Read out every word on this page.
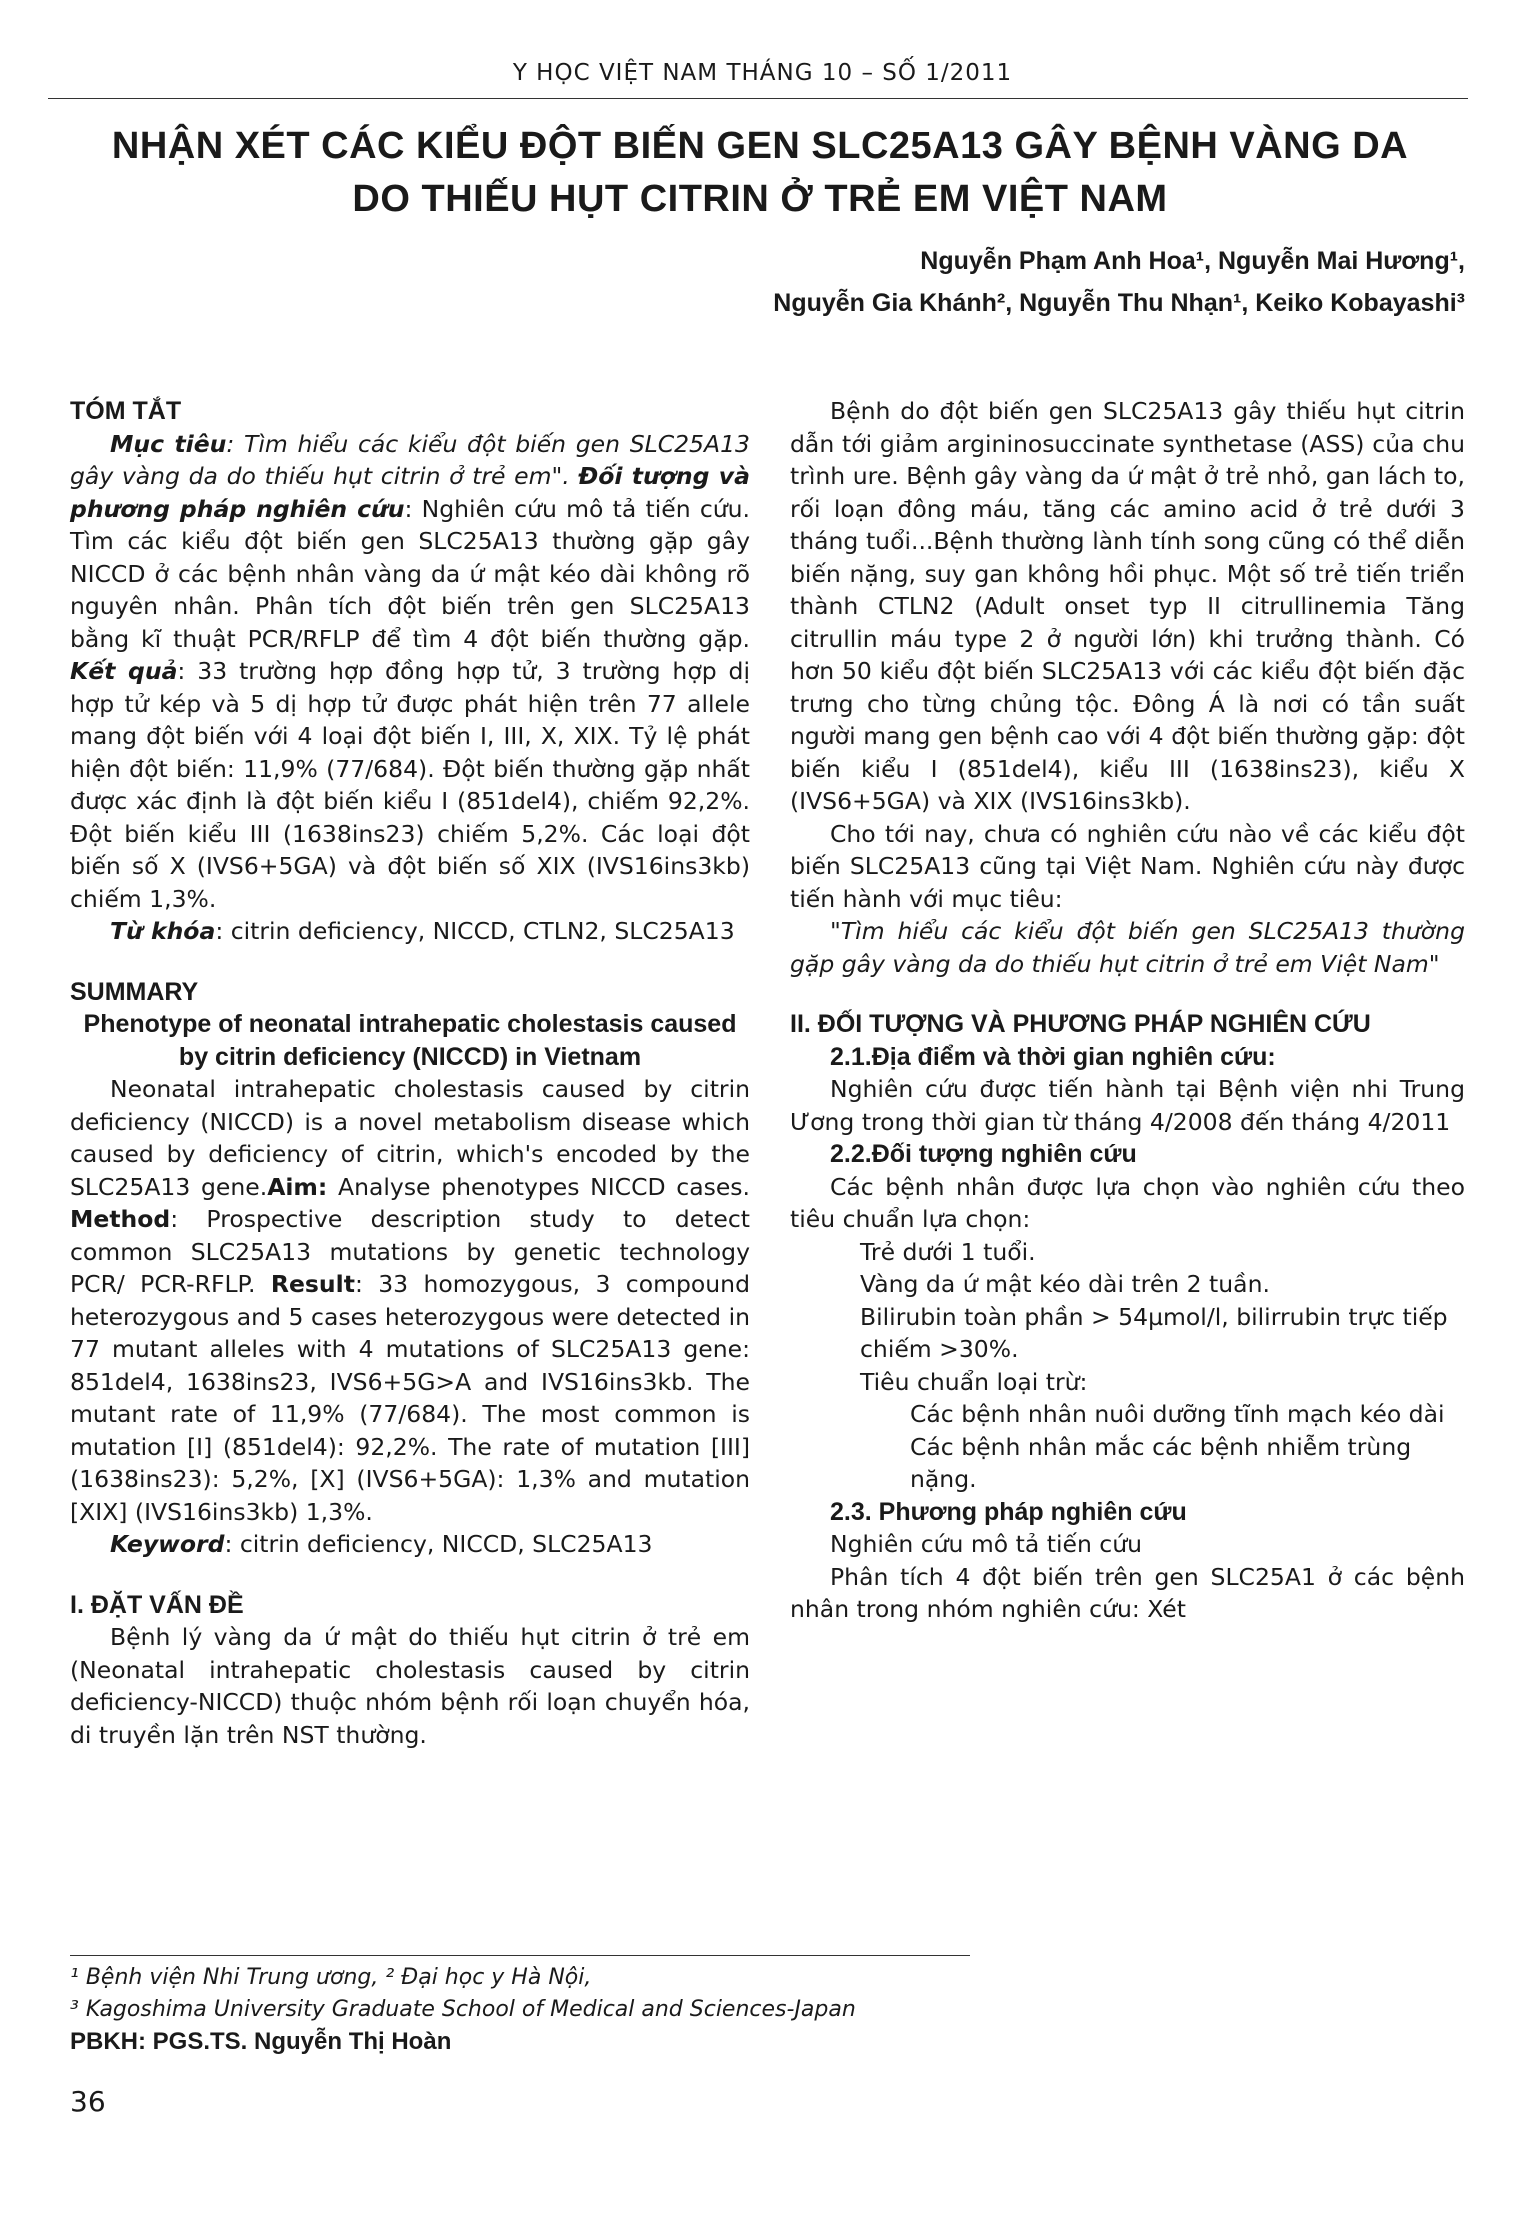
Y HỌC VIỆT NAM THÁNG 10 – SỐ 1/2011
NHẬN XÉT CÁC KIỂU ĐỘT BIẾN GEN SLC25A13 GÂY BỆNH VÀNG DA
DO THIẾU HỤT CITRIN Ở TRẺ EM VIỆT NAM
Nguyễn Phạm Anh Hoa¹, Nguyễn Mai Hương¹,
Nguyễn Gia Khánh², Nguyễn Thu Nhạn¹, Keiko Kobayashi³
TÓM TẮT

Mục tiêu: Tìm hiểu các kiểu đột biến gen SLC25A13 gây vàng da do thiếu hụt citrin ở trẻ em". Đối tượng và phương pháp nghiên cứu: Nghiên cứu mô tả tiến cứu. Tìm các kiểu đột biến gen SLC25A13 thường gặp gây NICCD ở các bệnh nhân vàng da ứ mật kéo dài không rõ nguyên nhân. Phân tích đột biến trên gen SLC25A13 bằng kĩ thuật PCR/RFLP để tìm 4 đột biến thường gặp. Kết quả: 33 trường hợp đồng hợp tử, 3 trường hợp dị hợp tử kép và 5 dị hợp tử được phát hiện trên 77 allele mang đột biến với 4 loại đột biến I, III, X, XIX. Tỷ lệ phát hiện đột biến: 11,9% (77/684). Đột biến thường gặp nhất được xác định là đột biến kiểu I (851del4), chiếm 92,2%. Đột biến kiểu III (1638ins23) chiếm 5,2%. Các loại đột biến số X (IVS6+5GA) và đột biến số XIX (IVS16ins3kb) chiếm 1,3%.

Từ khóa: citrin deficiency, NICCD, CTLN2, SLC25A13

SUMMARY

Phenotype of neonatal intrahepatic cholestasis caused by citrin deficiency (NICCD) in Vietnam

Neonatal intrahepatic cholestasis caused by citrin deficiency (NICCD) is a novel metabolism disease which caused by deficiency of citrin, which's encoded by the SLC25A13 gene.Aim: Analyse phenotypes NICCD cases. Method: Prospective description study to detect common SLC25A13 mutations by genetic technology PCR/ PCR-RFLP. Result: 33 homozygous, 3 compound heterozygous and 5 cases heterozygous were detected in 77 mutant alleles with 4 mutations of SLC25A13 gene: 851del4, 1638ins23, IVS6+5G>A and IVS16ins3kb. The mutant rate of 11,9% (77/684). The most common is mutation [I] (851del4): 92,2%. The rate of mutation [III] (1638ins23): 5,2%, [X] (IVS6+5GA): 1,3% and mutation [XIX] (IVS16ins3kb) 1,3%.

Keyword: citrin deficiency, NICCD, SLC25A13

I. ĐẶT VẤN ĐỀ

Bệnh lý vàng da ứ mật do thiếu hụt citrin ở trẻ em (Neonatal intrahepatic cholestasis caused by citrin deficiency-NICCD) thuộc nhóm bệnh rối loạn chuyển hóa, di truyền lặn trên NST thường.

Bệnh do đột biến gen SLC25A13 gây thiếu hụt citrin dẫn tới giảm argininosuccinate synthetase (ASS) của chu trình ure. Bệnh gây vàng da ứ mật ở trẻ nhỏ, gan lách to, rối loạn đông máu, tăng các amino acid ở trẻ dưới 3 tháng tuổi...Bệnh thường lành tính song cũng có thể diễn biến nặng, suy gan không hồi phục. Một số trẻ tiến triển thành CTLN2 (Adult onset typ II citrullinemia Tăng citrullin máu type 2 ở người lớn) khi trưởng thành. Có hơn 50 kiểu đột biến SLC25A13 với các kiểu đột biến đặc trưng cho từng chủng tộc. Đông Á là nơi có tần suất người mang gen bệnh cao với 4 đột biến thường gặp: đột biến kiểu I (851del4), kiểu III (1638ins23), kiểu X (IVS6+5GA) và XIX (IVS16ins3kb).

Cho tới nay, chưa có nghiên cứu nào về các kiểu đột biến SLC25A13 cũng tại Việt Nam. Nghiên cứu này được tiến hành với mục tiêu:

"Tìm hiểu các kiểu đột biến gen SLC25A13 thường gặp gây vàng da do thiếu hụt citrin ở trẻ em Việt Nam"

II. ĐỐI TƯỢNG VÀ PHƯƠNG PHÁP NGHIÊN CỨU

2.1.Địa điểm và thời gian nghiên cứu:

Nghiên cứu được tiến hành tại Bệnh viện nhi Trung Ương trong thời gian từ tháng 4/2008 đến tháng 4/2011

2.2.Đối tượng nghiên cứu

Các bệnh nhân được lựa chọn vào nghiên cứu theo tiêu chuẩn lựa chọn:

Trẻ dưới 1 tuổi.

Vàng da ứ mật kéo dài trên 2 tuần.

Bilirubin toàn phần > 54µmol/l, bilirrubin trực tiếp chiếm >30%.

Tiêu chuẩn loại trừ:

Các bệnh nhân nuôi dưỡng tĩnh mạch kéo dài

Các bệnh nhân mắc các bệnh nhiễm trùng nặng.

2.3. Phương pháp nghiên cứu

Nghiên cứu mô tả tiến cứu

Phân tích 4 đột biến trên gen SLC25A1 ở các bệnh nhân trong nhóm nghiên cứu: Xét

¹ Bệnh viện Nhi Trung ương, ² Đại học y Hà Nội,
³ Kagoshima University Graduate School of Medical and Sciences-Japan
PBKH: PGS.TS. Nguyễn Thị Hoàn
36
